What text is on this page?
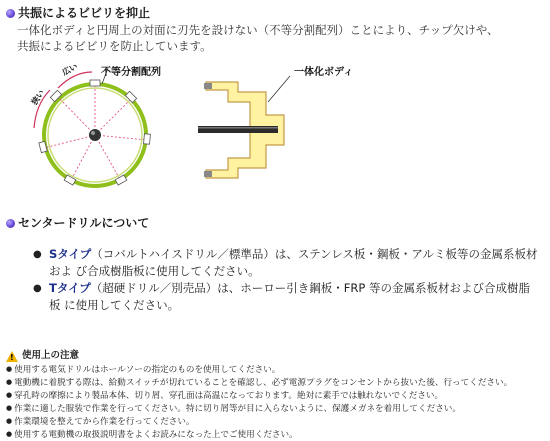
共振によるビビリを抑止
一体化ボディと円周上の対面に刃先を設けない（不等分割配列）ことにより、チップ欠けや、
共振によるビビリを防止しています。
不等分割配列
広い
狭い
一体化ボディ
センタードリルについて
● Sタイプ（コバルトハイスドリル／標準品）は、ステンレス板・鋼板・アルミ板等の金属系板材およ び合成樹脂板に使用してください。
● Tタイプ（超硬ドリル／別売品）は、ホーロー引き鋼板・FRP 等の金属系板材および合成樹脂板 に使用してください。
! 使用上の注意
● 使用する電気ドリルはホールソーの指定のものを使用してください。
● 電動機に着脱する際は、給動スイッチが切れていることを確認し、必ず電源プラグをコンセントから抜いた後、行ってください。
● 穿孔時の摩擦により製品本体、切り屑、穿孔面は高温になっております。絶対に素手では触れないでください。
● 作業に適した服装で作業を行ってください。特に切り屑等が目に入らないように、保護メガネを着用してください。
● 作業環境を整えてから作業を行ってください。
● 使用する電動機の取扱説明書をよくお読みになった上でご使用ください。
